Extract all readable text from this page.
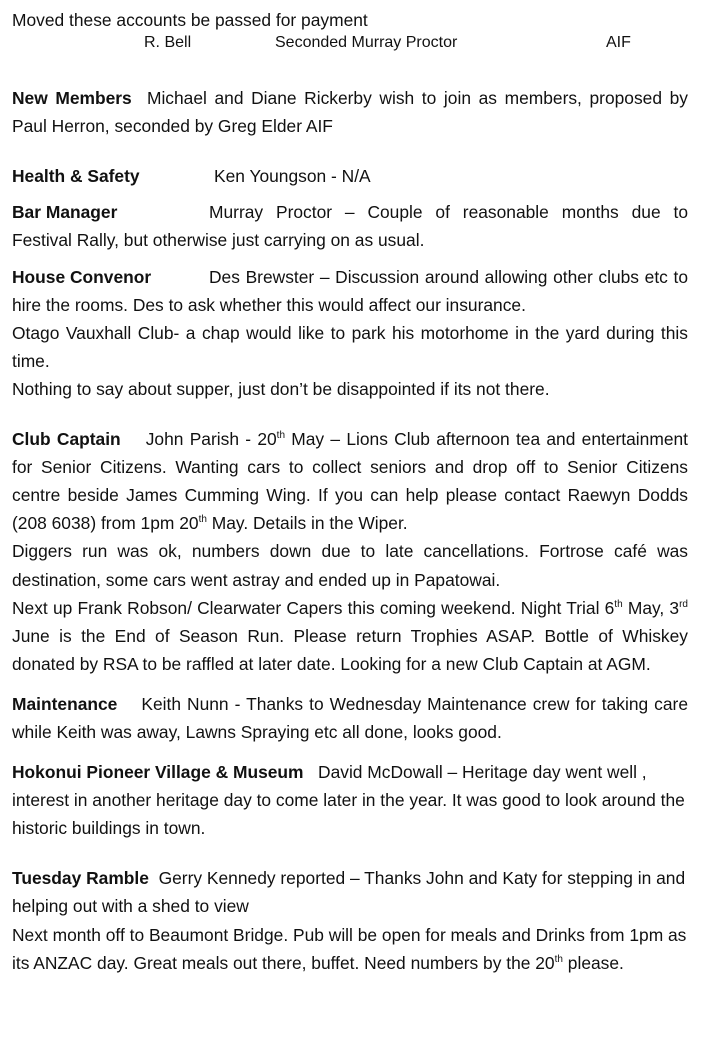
Moved these accounts be passed for payment

R. Bell	Seconded Murray Proctor	AIF

New Members Michael and Diane Rickerby wish to join as members, proposed by Paul Herron, seconded by Greg Elder AIF

Health & Safety	Ken Youngson - N/A

Bar Manager	Murray Proctor – Couple of reasonable months due to Festival Rally, but otherwise just carrying on as usual.

House Convenor	Des Brewster – Discussion around allowing other clubs etc to hire the rooms. Des to ask whether this would affect our insurance.

Otago Vauxhall Club- a chap would like to park his motorhome in the yard during this time.

Nothing to say about supper, just don’t be disappointed if its not there.

Club Captain John Parish - 20th May – Lions Club afternoon tea and entertainment for Senior Citizens. Wanting cars to collect seniors and drop off to Senior Citizens centre beside James Cumming Wing. If you can help please contact Raewyn Dodds (208 6038) from 1pm 20th May. Details in the Wiper.

Diggers run was ok, numbers down due to late cancellations. Fortrose café was destination, some cars went astray and ended up in Papatowai.

Next up Frank Robson/ Clearwater Capers this coming weekend. Night Trial 6th May, 3rd June is the End of Season Run. Please return Trophies ASAP. Bottle of Whiskey donated by RSA to be raffled at later date. Looking for a new Club Captain at AGM.

Maintenance Keith Nunn - Thanks to Wednesday Maintenance crew for taking care while Keith was away, Lawns Spraying etc all done, looks good.

Hokonui Pioneer Village & Museum David McDowall – Heritage day went well , interest in another heritage day to come later in the year. It was good to look around the historic buildings in town.

Tuesday Ramble Gerry Kennedy reported – Thanks John and Katy for stepping in and helping out with a shed to view

Next month off to Beaumont Bridge. Pub will be open for meals and Drinks from 1pm as its ANZAC day. Great meals out there, buffet. Need numbers by the 20th please.
